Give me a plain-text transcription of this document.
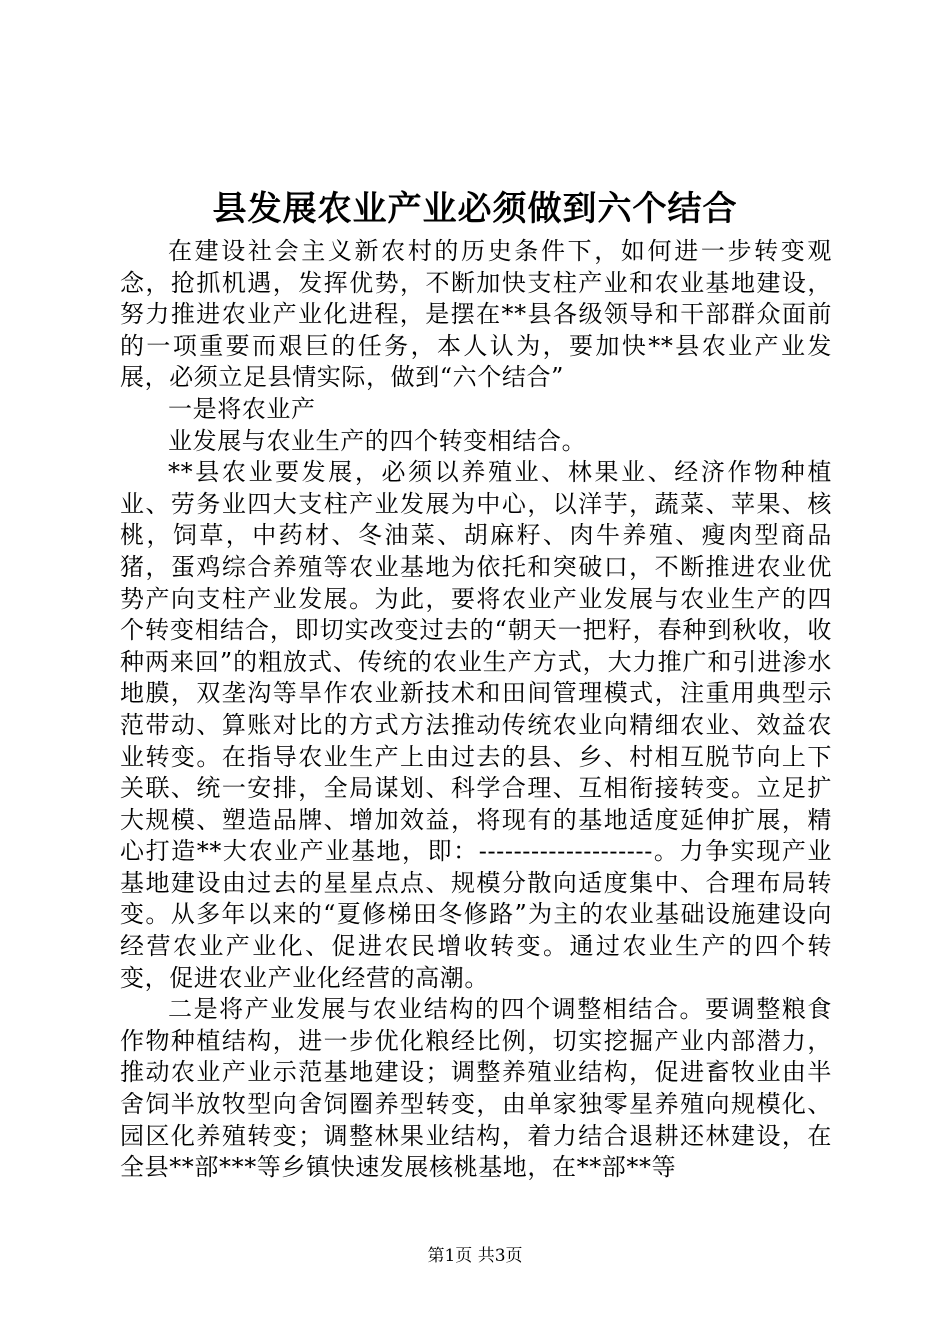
县发展农业产业必须做到六个结合

在建设社会主义新农村的历史条件下，如何进一步转变观念，抢抓机遇，发挥优势，不断加快支柱产业和农业基地建设，努力推进农业产业化进程，是摆在**县各级领导和干部群众面前的一项重要而艰巨的任务，本人认为，要加快**县农业产业发展，必须立足县情实际，做到“六个结合”

一是将农业产

业发展与农业生产的四个转变相结合。

**县农业要发展，必须以养殖业、林果业、经济作物种植业、劳务业四大支柱产业发展为中心，以洋芋，蔬菜、苹果、核桃，饲草，中药材、冬油菜、胡麻籽、肉牛养殖、瘦肉型商品猪，蛋鸡综合养殖等农业基地为依托和突破口，不断推进农业优势产向支柱产业发展。为此，要将农业产业发展与农业生产的四个转变相结合，即切实改变过去的“朝天一把籽，春种到秋收，收种两来回”的粗放式、传统的农业生产方式，大力推广和引进渗水地膜，双垄沟等旱作农业新技术和田间管理模式，注重用典型示范带动、算账对比的方式方法推动传统农业向精细农业、效益农业转变。在指导农业生产上由过去的县、乡、村相互脱节向上下关联、统一安排，全局谋划、科学合理、互相衔接转变。立足扩大规模、塑造品牌、增加效益，将现有的基地适度延伸扩展，精心打造**大农业产业基地，即：--------------------。力争实现产业基地建设由过去的星星点点、规模分散向适度集中、合理布局转变。从多年以来的“夏修梯田冬修路”为主的农业基础设施建设向经营农业产业化、促进农民增收转变。通过农业生产的四个转变，促进农业产业化经营的高潮。

二是将产业发展与农业结构的四个调整相结合。要调整粮食作物种植结构，进一步优化粮经比例，切实挖掘产业内部潜力，推动农业产业示范基地建设；调整养殖业结构，促进畜牧业由半舍饲半放牧型向舍饲圈养型转变，由单家独零星养殖向规模化、园区化养殖转变；调整林果业结构，着力结合退耕还林建设，在全县**部***等乡镇快速发展核桃基地，在**部**等

第1页 共3页
